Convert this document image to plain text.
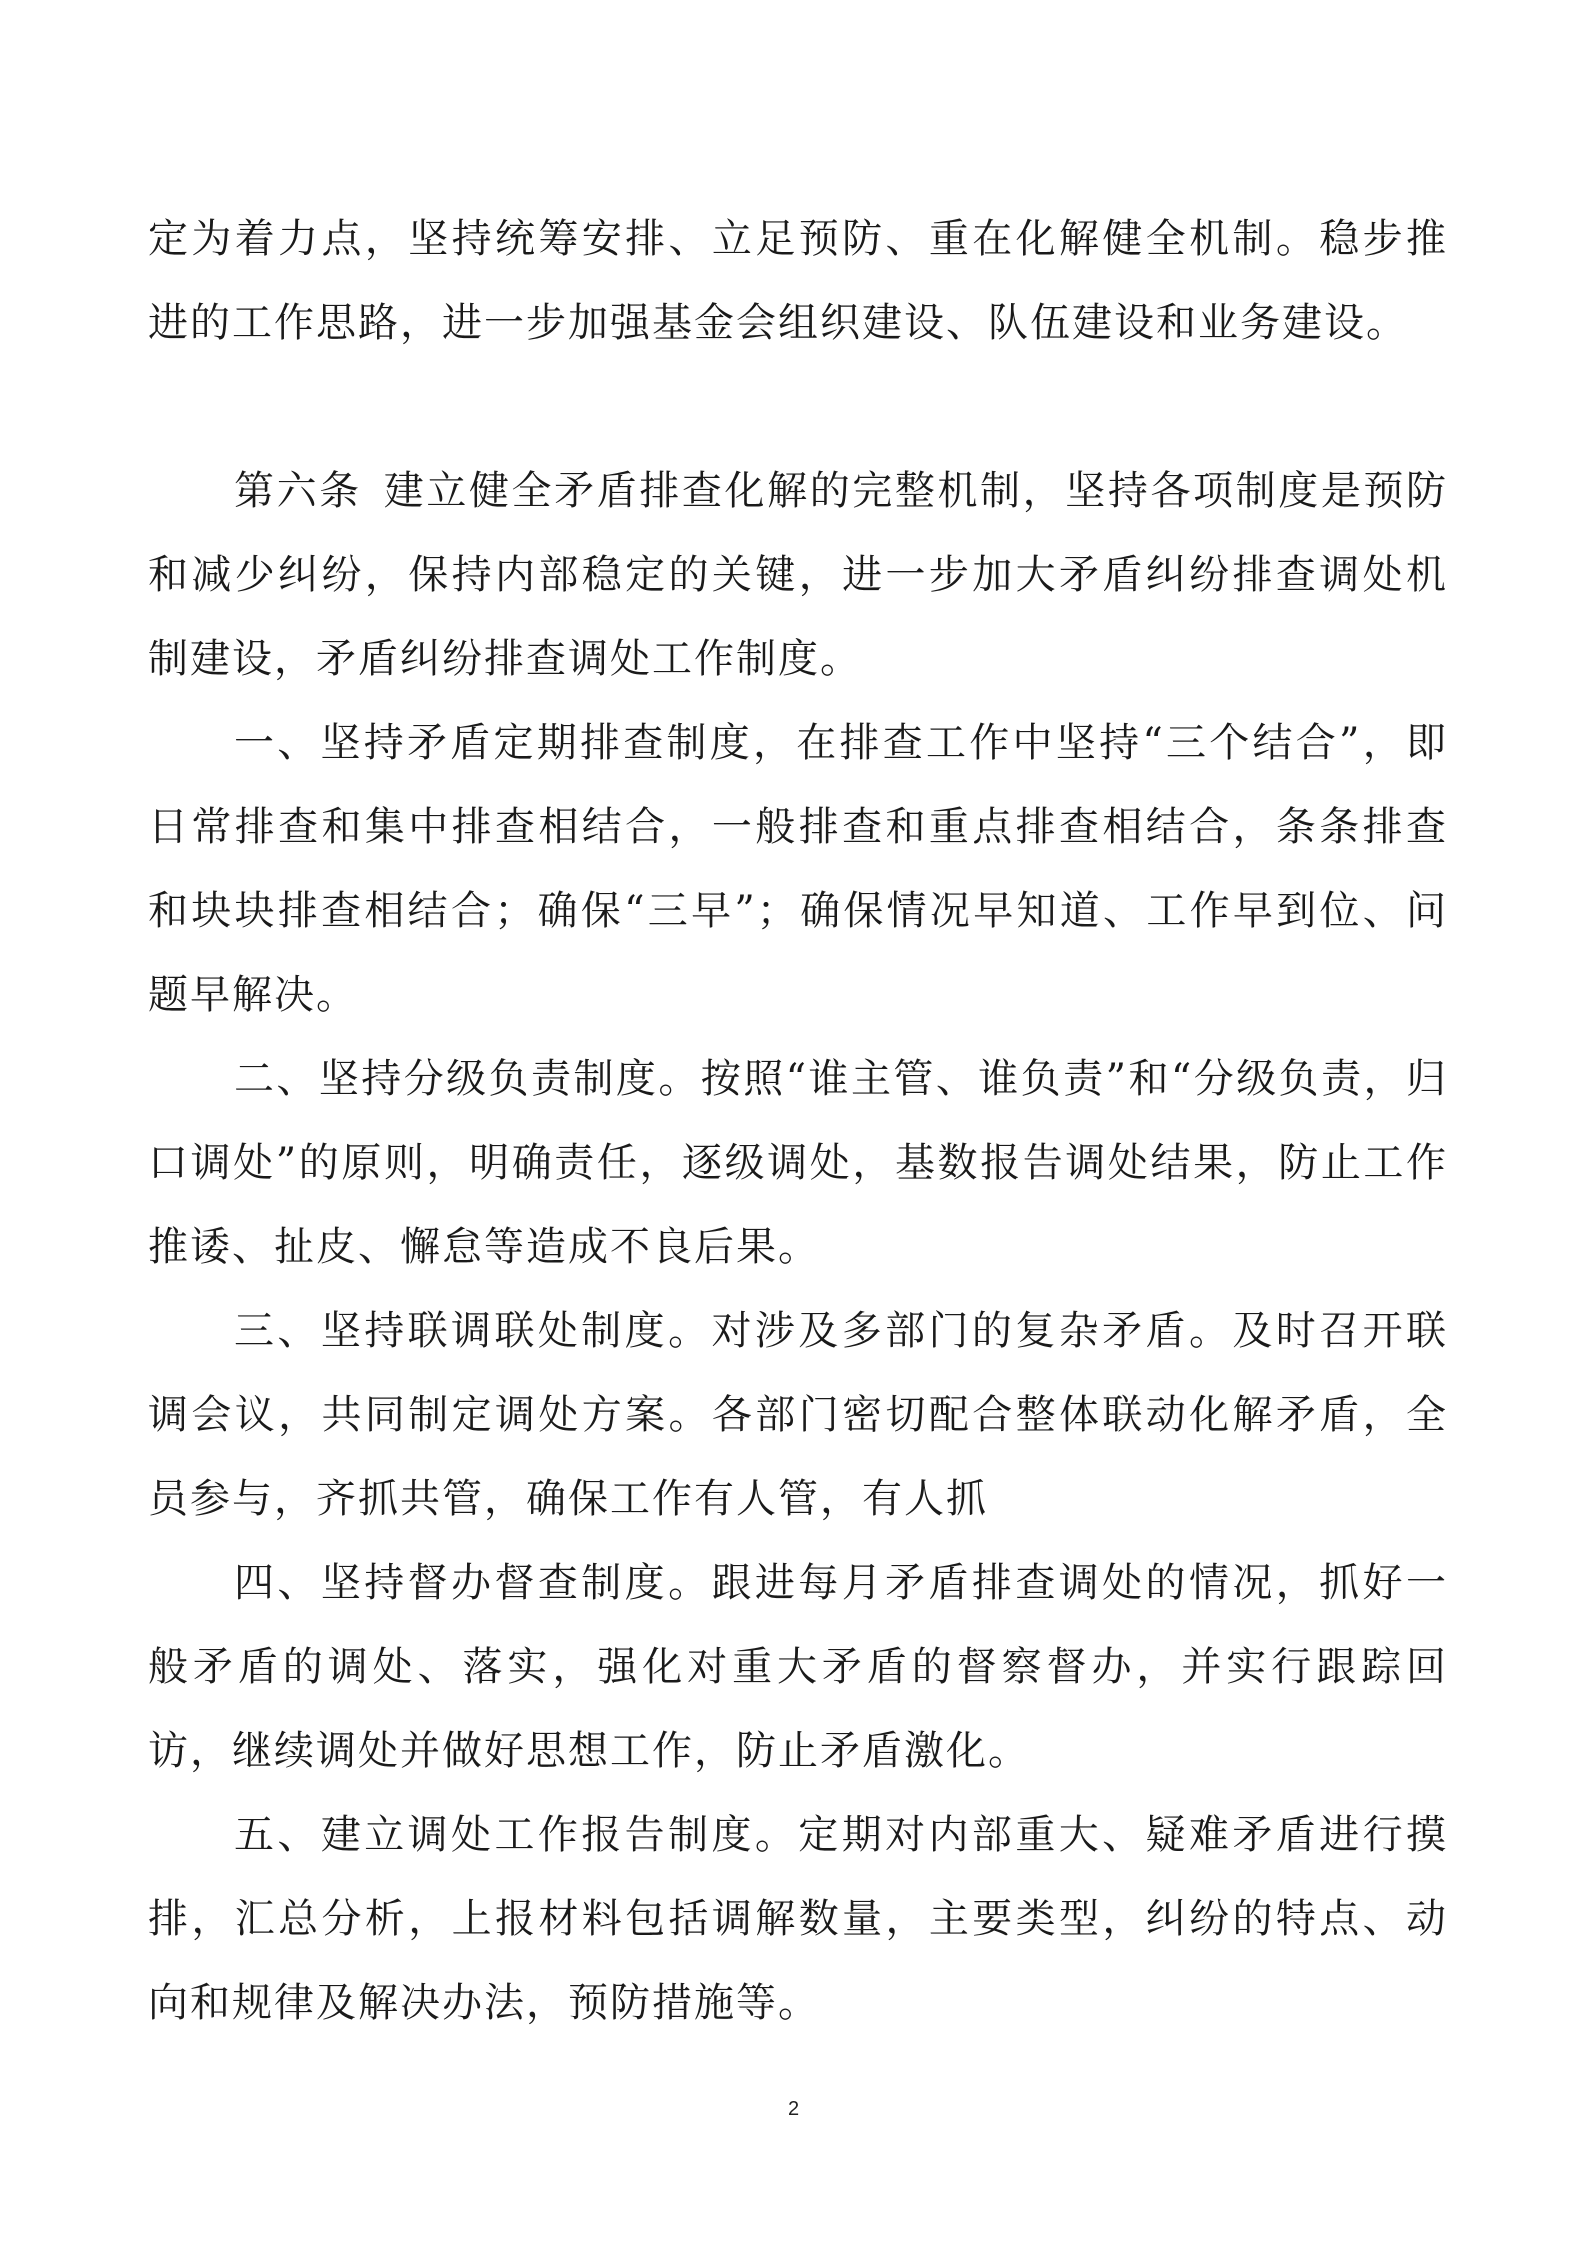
定为着力点，坚持统筹安排、立足预防、重在化解健全机制。稳步推进的工作思路，进一步加强基金会组织建设、队伍建设和业务建设。

第六条 建立健全矛盾排查化解的完整机制，坚持各项制度是预防和减少纠纷，保持内部稳定的关键，进一步加大矛盾纠纷排查调处机制建设，矛盾纠纷排查调处工作制度。

一、坚持矛盾定期排查制度，在排查工作中坚持“三个结合”，即日常排查和集中排查相结合，一般排查和重点排查相结合，条条排查和块块排查相结合；确保“三早”；确保情况早知道、工作早到位、问题早解决。

二、坚持分级负责制度。按照“谁主管、谁负责”和“分级负责，归口调处”的原则，明确责任，逐级调处，基数报告调处结果，防止工作推诿、扯皮、懈怠等造成不良后果。

三、坚持联调联处制度。对涉及多部门的复杂矛盾。及时召开联调会议，共同制定调处方案。各部门密切配合整体联动化解矛盾，全员参与，齐抓共管，确保工作有人管，有人抓

四、坚持督办督查制度。跟进每月矛盾排查调处的情况，抓好一般矛盾的调处、落实，强化对重大矛盾的督察督办，并实行跟踪回访，继续调处并做好思想工作，防止矛盾激化。

五、建立调处工作报告制度。定期对内部重大、疑难矛盾进行摸排，汇总分析，上报材料包括调解数量，主要类型，纠纷的特点、动向和规律及解决办法，预防措施等。

2
